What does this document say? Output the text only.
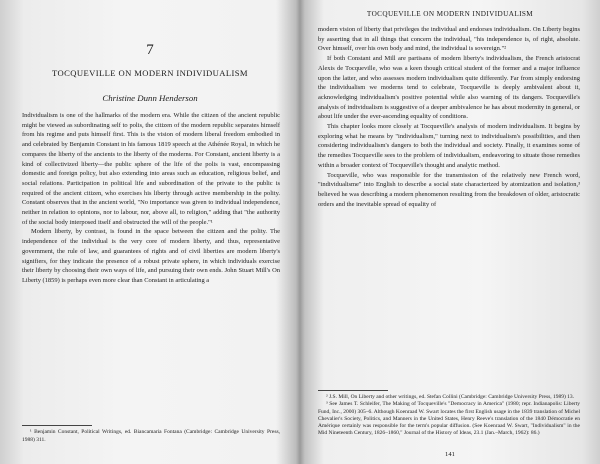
7
TOCQUEVILLE ON MODERN INDIVIDUALISM
Christine Dunn Henderson

Individualism is one of the hallmarks of the modern era. While the citizen of the ancient republic might be viewed as subordinating self to polis, the citizen of the modern republic separates himself from his regime and puts himself first. This is the vision of modern liberal freedom embodied in and celebrated by Benjamin Constant in his famous 1819 speech at the Athénée Royal, in which he compares the liberty of the ancients to the liberty of the moderns. For Constant, ancient liberty is a kind of collectivized liberty—the public sphere of the life of the polis is vast, encompassing domestic and foreign policy, but also extending into areas such as education, religious belief, and social relations. Participation in political life and subordination of the private to the public is required of the ancient citizen, who exercises his liberty through active membership in the polity. Constant observes that in the ancient world, "No importance was given to individual independence, neither in relation to opinions, nor to labour, nor, above all, to religion," adding that "the authority of the social body interposed itself and obstructed the will of the people."¹

Modern liberty, by contrast, is found in the space between the citizen and the polity. The independence of the individual is the very core of modern liberty, and thus, representative government, the rule of law, and guarantees of rights and of civil liberties are modern liberty's signifiers, for they indicate the presence of a robust private sphere, in which individuals exercise their liberty by choosing their own ways of life, and pursuing their own ends. John Stuart Mill's On Liberty (1859) is perhaps even more clear than Constant in articulating a

¹ Benjamin Constant, Political Writings, ed. Biancamaria Fontana (Cambridge: Cambridge University Press, 1988) 311.

TOCQUEVILLE ON MODERN INDIVIDUALISM

modern vision of liberty that privileges the individual and endorses individualism. On Liberty begins by asserting that in all things that concern the individual, "his independence is, of right, absolute. Over himself, over his own body and mind, the individual is sovereign."²

If both Constant and Mill are partisans of modern liberty's individualism, the French aristocrat Alexis de Tocqueville, who was a keen though critical student of the former and a major influence upon the latter, and who assesses modern individualism quite differently. Far from simply endorsing the individualism we moderns tend to celebrate, Tocqueville is deeply ambivalent about it, acknowledging individualism's positive potential while also warning of its dangers. Tocqueville's analysis of individualism is suggestive of a deeper ambivalence he has about modernity in general, or about life under the ever-ascending equality of conditions.

This chapter looks more closely at Tocqueville's analysis of modern individualism. It begins by exploring what he means by "individualism," turning next to individualism's possibilities, and then considering individualism's dangers to both the individual and society. Finally, it examines some of the remedies Tocqueville sees to the problem of individualism, endeavoring to situate those remedies within a broader context of Tocqueville's thought and analytic method.

Tocqueville, who was responsible for the transmission of the relatively new French word, "individualisme" into English to describe a social state characterized by atomization and isolation,³ believed he was describing a modern phenomenon resulting from the breakdown of older, aristocratic orders and the inevitable spread of equality of

² J.S. Mill, On Liberty and other writings, ed. Stefan Collini (Cambridge: Cambridge University Press, 1989) 13.

³ See James T. Schleifer, The Making of Tocqueville's "Democracy in America" (1980; repr. Indianapolis: Liberty Fund, Inc., 2000) 305–6. Although Koenraad W. Swart locates the first English usage in the 1839 translation of Michel Chevalier's Society, Politics, and Manners in the United States, Henry Reeve's translation of the 1840 Démocratie en Amérique certainly was responsible for the term's popular diffusion. (See Koenraad W. Swart, "Individualism" in the Mid Nineteenth Century, 1826–1860," Journal of the History of Ideas, 23.1 (Jan.–March, 1962): 86.)

141
